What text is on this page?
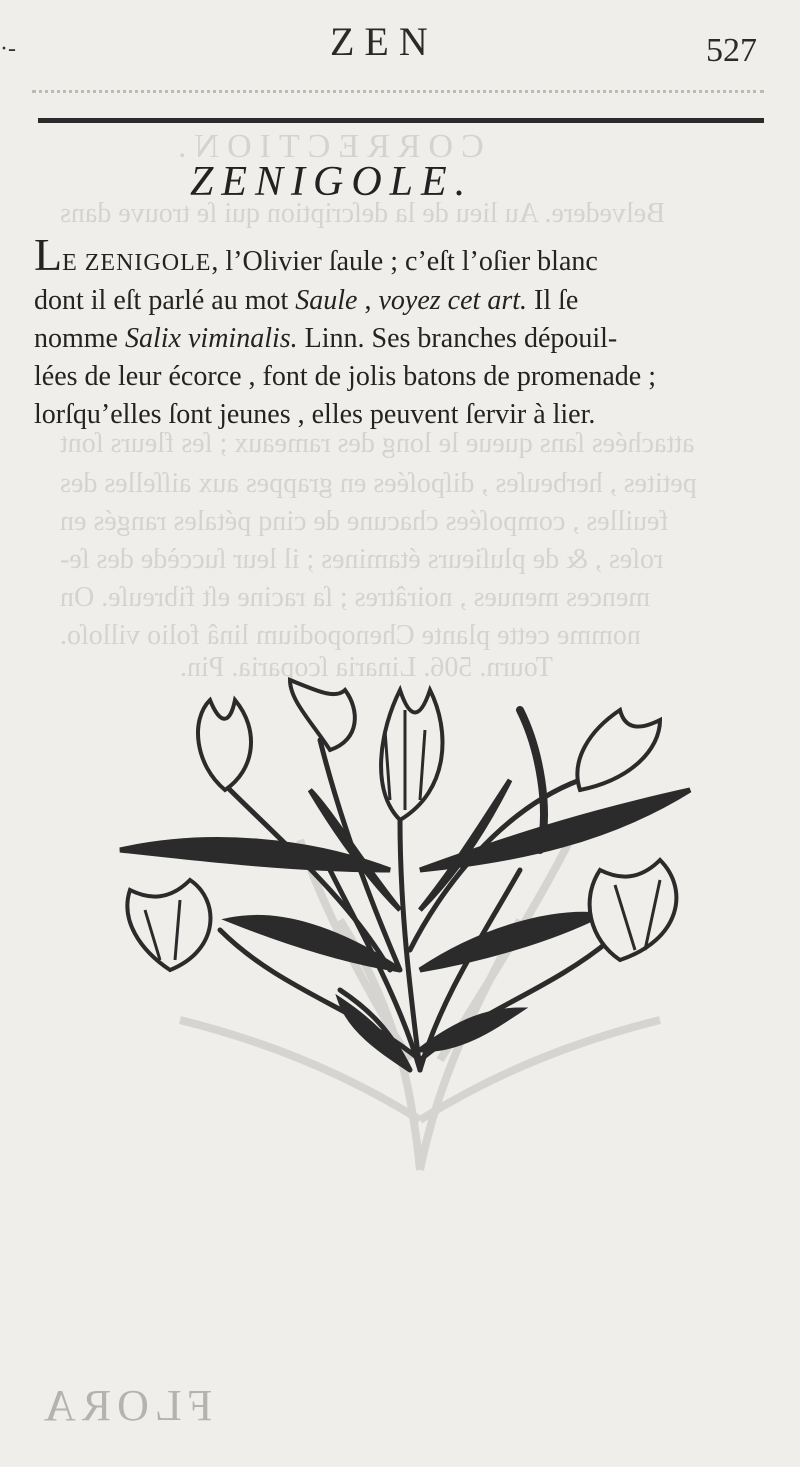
CORRECTION.
Belvedere. Au lieu de la deſcription qui ſe trouve dans
attachées ſans queue le long des rameaux ; ſes fleurs ſont
petites , herbeuſes , diſpoſées en grappes aux aiſſelles des
feuilles , compoſées chacune de cinq pétales rangés en
roſes , & de pluſieurs étamines ; il leur ſuccède des ſe-
mences menues , noirâtres ; ſa racine eſt fibreuſe. On
nomme cette plante Chenopodium linâ folio villoſo.
Tourn. 506. Linaria ſcoparia. Pin.
·-	ZEN	527
ZENIGOLE.
LE ZENIGOLE, l’Olivier ſaule ; c’eſt l’oſier blanc
dont il eſt parlé au mot Saule , voyez cet art. Il ſe
nomme Salix viminalis. Linn. Ses branches dépouil-
lées de leur écorce , font de jolis batons de promenade ;
lorſqu’elles ſont jeunes , elles peuvent ſervir à lier.
FLORA
